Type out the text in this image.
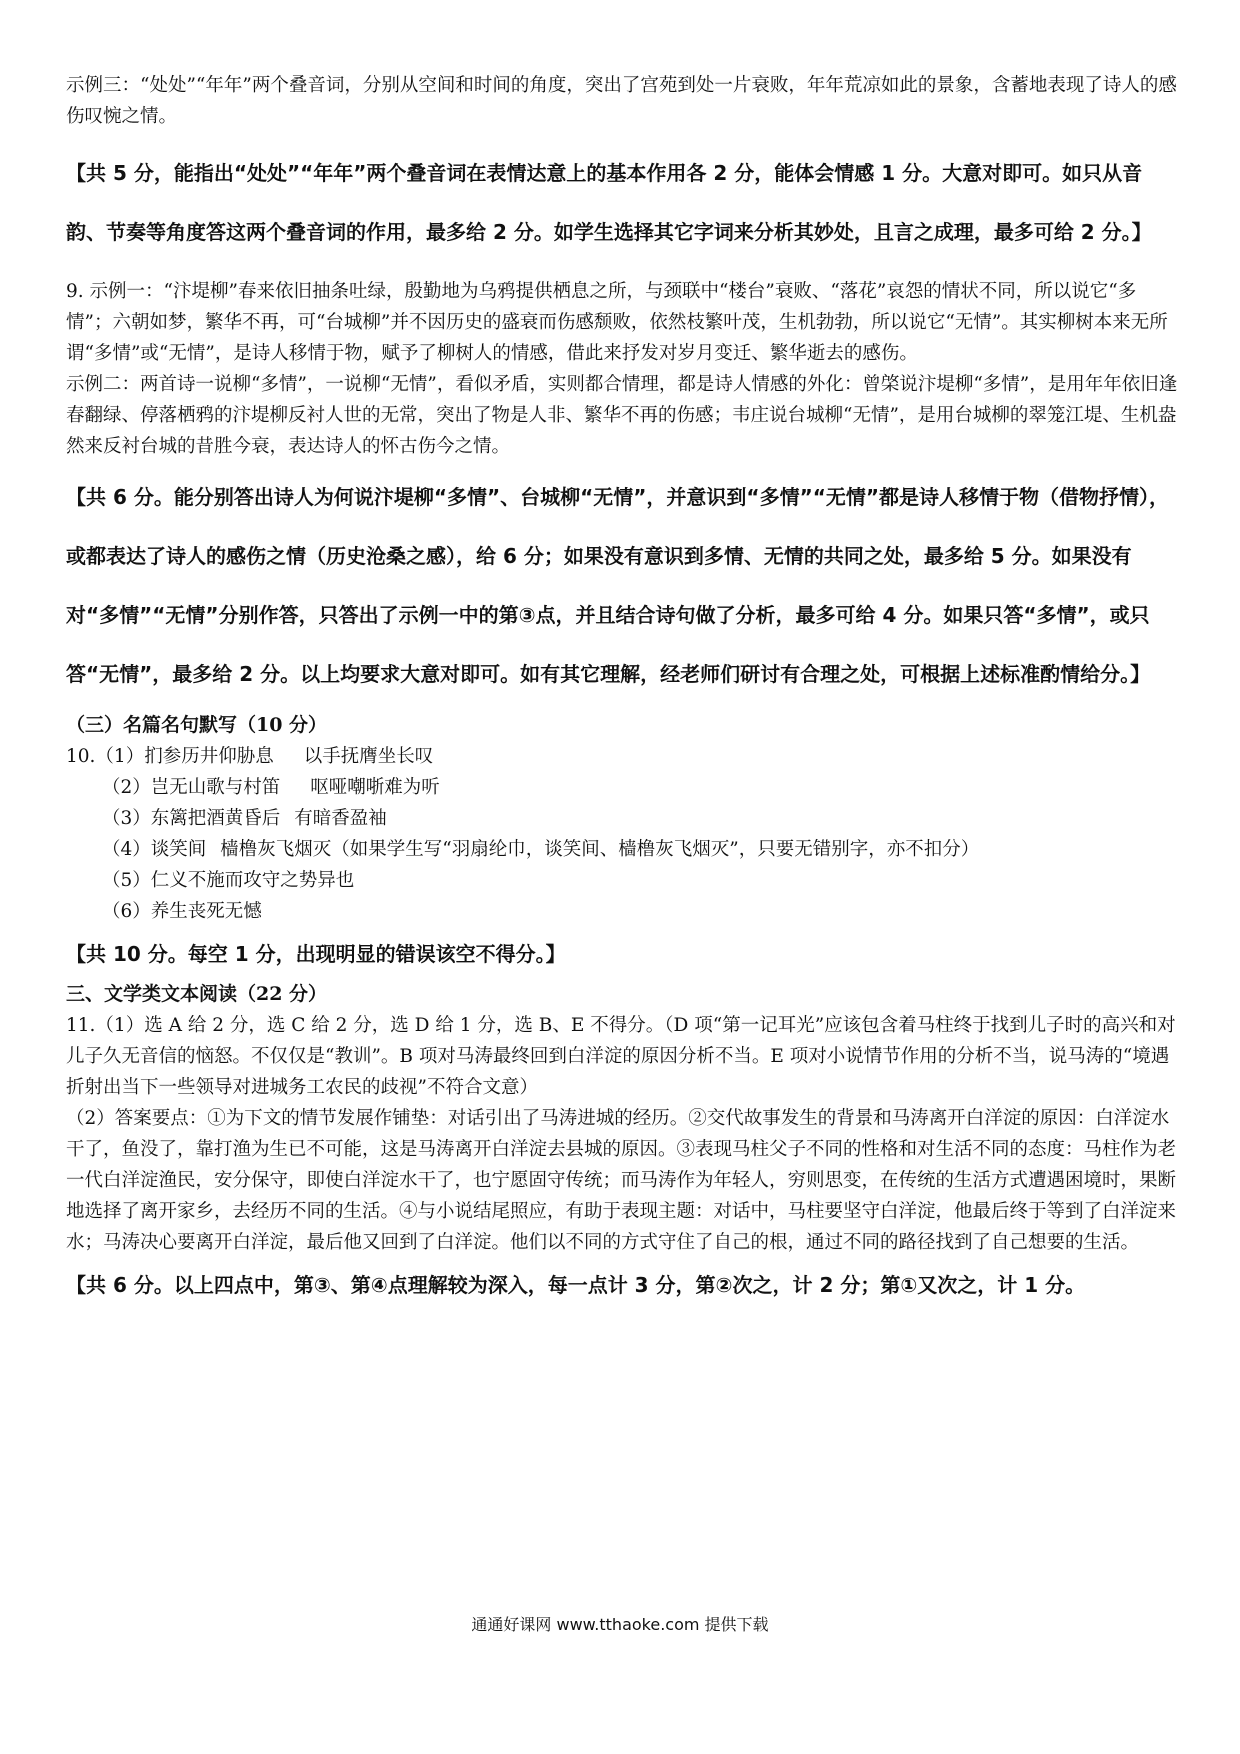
示例三：“处处”“年年”两个叠音词，分别从空间和时间的角度，突出了宫苑到处一片衰败，年年荒凉如此的景象，含蓄地表现了诗人的感伤叹惋之情。

【共 5 分，能指出“处处”“年年”两个叠音词在表情达意上的基本作用各 2 分，能体会情感 1 分。大意对即可。如只从音韵、节奏等角度答这两个叠音词的作用，最多给 2 分。如学生选择其它字词来分析其妙处，且言之成理，最多可给 2 分。】

9. 示例一：“汴堤柳”春来依旧抽条吐绿，殷勤地为乌鸦提供栖息之所，与颈联中“楼台”衰败、“落花”哀怨的情状不同，所以说它“多情”；六朝如梦，繁华不再，可“台城柳”并不因历史的盛衰而伤感颓败，依然枝繁叶茂，生机勃勃，所以说它“无情”。其实柳树本来无所谓“多情”或“无情”，是诗人移情于物，赋予了柳树人的情感，借此来抒发对岁月变迁、繁华逝去的感伤。

示例二：两首诗一说柳“多情”，一说柳“无情”，看似矛盾，实则都合情理，都是诗人情感的外化：曾棨说汴堤柳“多情”，是用年年依旧逢春翻绿、停落栖鸦的汴堤柳反衬人世的无常，突出了物是人非、繁华不再的伤感；韦庄说台城柳“无情”，是用台城柳的翠笼江堤、生机盎然来反衬台城的昔胜今衰，表达诗人的怀古伤今之情。

【共 6 分。能分别答出诗人为何说汴堤柳“多情”、台城柳“无情”，并意识到“多情”“无情”都是诗人移情于物（借物抒情），或都表达了诗人的感伤之情（历史沧桑之感），给 6 分；如果没有意识到多情、无情的共同之处，最多给 5 分。如果没有对“多情”“无情”分别作答，只答出了示例一中的第③点，并且结合诗句做了分析，最多可给 4 分。如果只答“多情”，或只答“无情”，最多给 2 分。以上均要求大意对即可。如有其它理解，经老师们研讨有合理之处，可根据上述标准酌情给分。】

（三）名篇名句默写（10 分）

10.（1）扪参历井仰胁息 以手抚膺坐长叹

（2）岂无山歌与村笛 呕哑嘲哳难为听

（3）东篱把酒黄昏后 有暗香盈袖

（4）谈笑间 樯橹灰飞烟灭（如果学生写“羽扇纶巾，谈笑间、樯橹灰飞烟灭”，只要无错别字，亦不扣分）

（5）仁义不施而攻守之势异也

（6）养生丧死无憾

【共 10 分。每空 1 分，出现明显的错误该空不得分。】

三、文学类文本阅读（22 分）

11.（1）选 A 给 2 分，选 C 给 2 分，选 D 给 1 分，选 B、E 不得分。（D 项“第一记耳光”应该包含着马柱终于找到儿子时的高兴和对儿子久无音信的恼怒。不仅仅是“教训”。B 项对马涛最终回到白洋淀的原因分析不当。E 项对小说情节作用的分析不当，说马涛的“境遇折射出当下一些领导对进城务工农民的歧视”不符合文意）

（2）答案要点：①为下文的情节发展作铺垫：对话引出了马涛进城的经历。②交代故事发生的背景和马涛离开白洋淀的原因：白洋淀水干了，鱼没了，靠打渔为生已不可能，这是马涛离开白洋淀去县城的原因。③表现马柱父子不同的性格和对生活不同的态度：马柱作为老一代白洋淀渔民，安分保守，即使白洋淀水干了，也宁愿固守传统；而马涛作为年轻人，穷则思变，在传统的生活方式遭遇困境时，果断地选择了离开家乡，去经历不同的生活。④与小说结尾照应，有助于表现主题：对话中，马柱要坚守白洋淀，他最后终于等到了白洋淀来水；马涛决心要离开白洋淀，最后他又回到了白洋淀。他们以不同的方式守住了自己的根，通过不同的路径找到了自己想要的生活。

【共 6 分。以上四点中，第③、第④点理解较为深入，每一点计 3 分，第②次之，计 2 分；第①又次之，计 1 分。

通通好课网 www.tthaoke.com 提供下载
